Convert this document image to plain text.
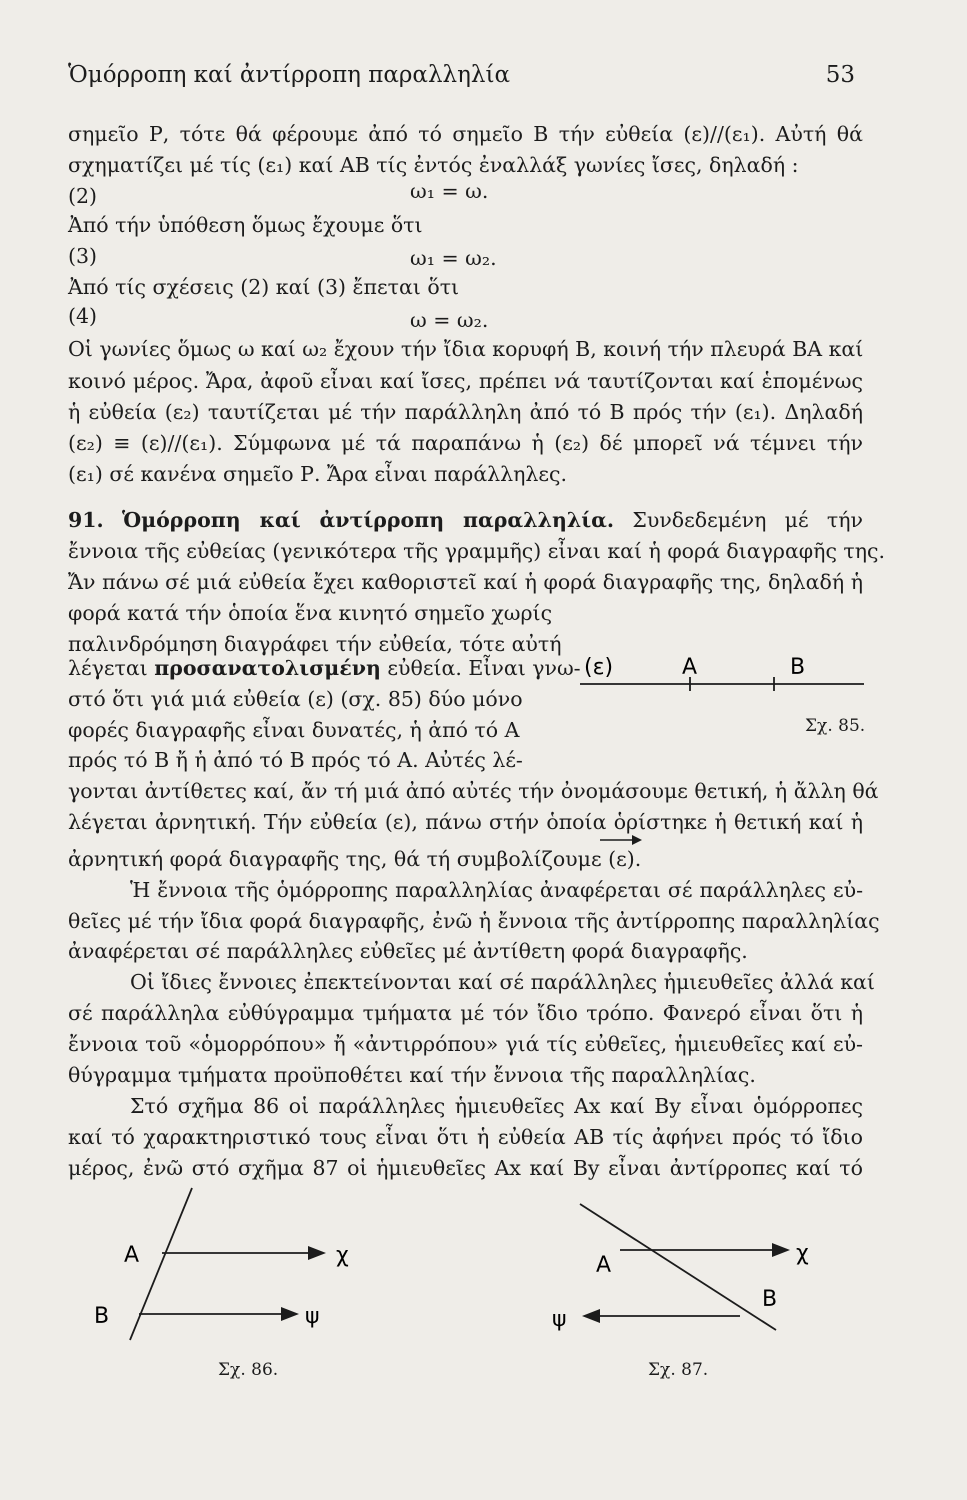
Ὁμόρροπη καί ἀντίρροπη παραλληλία	53
σημεῖο Ρ, τότε θά φέρουμε ἀπό τό σημεῖο Β τήν εὐθεία (ε)//(ε₁). Αὐτή θά
σχηματίζει μέ τίς (ε₁) καί ΑΒ τίς ἐντός ἐναλλάξ γωνίες ἴσες, δηλαδή :
(2)	ω₁ = ω.
Ἀπό τήν ὑπόθεση ὅμως ἔχουμε ὅτι
(3)	ω₁ = ω₂.
Ἀπό τίς σχέσεις (2) καί (3) ἔπεται ὅτι
(4)	ω = ω₂.
Οἱ γωνίες ὅμως ω καί ω₂ ἔχουν τήν ἴδια κορυφή Β, κοινή τήν πλευρά ΒΑ καί
κοινό μέρος. Ἄρα, ἀφοῦ εἶναι καί ἴσες, πρέπει νά ταυτίζονται καί ἑπομένως
ἡ εὐθεία (ε₂) ταυτίζεται μέ τήν παράλληλη ἀπό τό Β πρός τήν (ε₁). Δηλαδή
(ε₂) ≡ (ε)//(ε₁). Σύμφωνα μέ τά παραπάνω ἡ (ε₂) δέ μπορεῖ νά τέμνει τήν
(ε₁) σέ κανένα σημεῖο Ρ. Ἄρα εἶναι παράλληλες.
91. Ὁμόρροπη καί ἀντίρροπη παραλληλία. Συνδεδεμένη μέ τήν
ἔννοια τῆς εὐθείας (γενικότερα τῆς γραμμῆς) εἶναι καί ἡ φορά διαγραφῆς της.
Ἄν πάνω σέ μιά εὐθεία ἔχει καθοριστεῖ καί ἡ φορά διαγραφῆς της, δηλαδή ἡ
φορά κατά τήν ὁποία ἕνα κινητό σημεῖο χωρίς
παλινδρόμηση διαγράφει τήν εὐθεία, τότε αὐτή
λέγεται προσανατολισμένη εὐθεία. Εἶναι γνω-
στό ὅτι γιά μιά εὐθεία (ε) (σχ. 85) δύο μόνο
φορές διαγραφῆς εἶναι δυνατές, ἡ ἀπό τό Α
πρός τό Β ἤ ἡ ἀπό τό Β πρός τό Α. Αὐτές λέ-
γονται ἀντίθετες καί, ἄν τή μιά ἀπό αὐτές τήν ὀνομάσουμε θετική, ἡ ἄλλη θά
λέγεται ἀρνητική. Τήν εὐθεία (ε), πάνω στήν ὁποία ὁρίστηκε ἡ θετική καί ἡ
ἀρνητική φορά διαγραφῆς της, θά τή συμβολίζουμε (ε).
Ἡ ἔννοια τῆς ὁμόρροπης παραλληλίας ἀναφέρεται σέ παράλληλες εὐ-
θεῖες μέ τήν ἴδια φορά διαγραφῆς, ἐνῶ ἡ ἔννοια τῆς ἀντίρροπης παραλληλίας
ἀναφέρεται σέ παράλληλες εὐθεῖες μέ ἀντίθετη φορά διαγραφῆς.
Οἱ ἴδιες ἔννοιες ἐπεκτείνονται καί σέ παράλληλες ἡμιευθεῖες ἀλλά καί
σέ παράλληλα εὐθύγραμμα τμήματα μέ τόν ἴδιο τρόπο. Φανερό εἶναι ὅτι ἡ
ἔννοια τοῦ «ὁμορρόπου» ἤ «ἀντιρρόπου» γιά τίς εὐθεῖες, ἡμιευθεῖες καί εὐ-
θύγραμμα τμήματα προϋποθέτει καί τήν ἔννοια τῆς παραλληλίας.
Στό σχῆμα 86 οἱ παράλληλες ἡμιευθεῖες Ax καί By εἶναι ὁμόρροπες
καί τό χαρακτηριστικό τους εἶναι ὅτι ἡ εὐθεία ΑΒ τίς ἀφήνει πρός τό ἴδιο
μέρος, ἐνῶ στό σχῆμα 87 οἱ ἡμιευθεῖες Ax καί By εἶναι ἀντίρροπες καί τό
(ε)	Α	Β
Σχ. 85.
Α
Β
χ
ψ
Σχ. 86.
Α
Β
χ
ψ
Σχ. 87.
